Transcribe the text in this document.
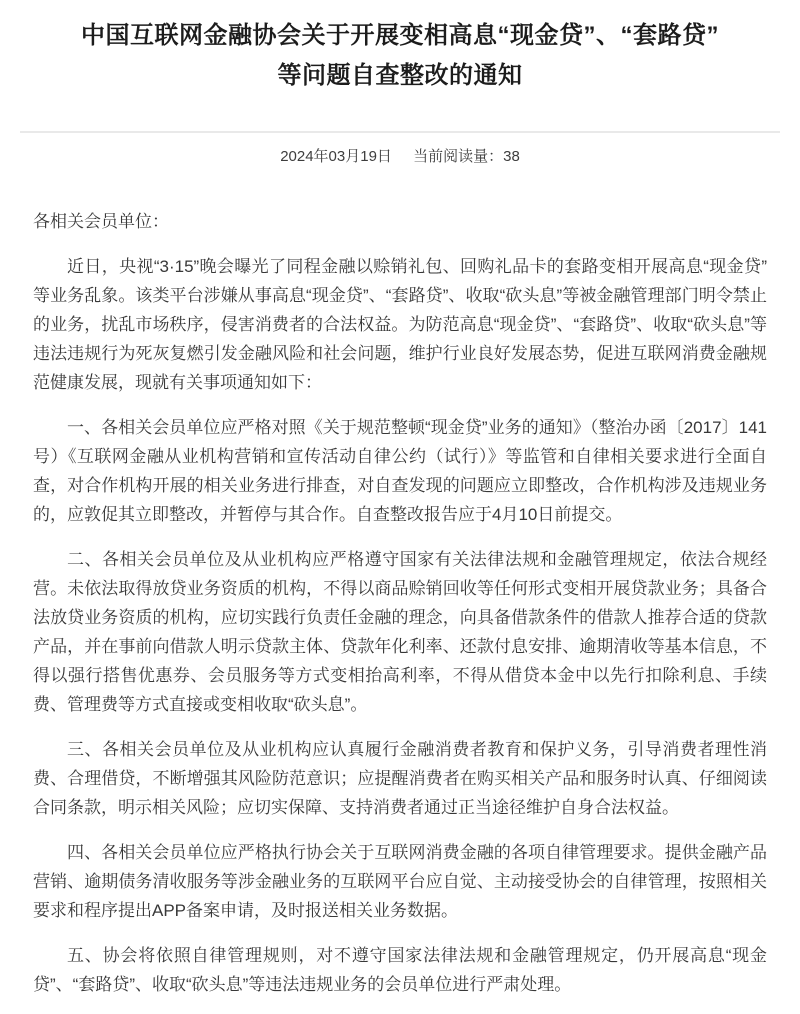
中国互联网金融协会关于开展变相高息“现金贷”、“套路贷”
等问题自查整改的通知
2024年03月19日 当前阅读量：38

各相关会员单位：

近日，央视“3·15”晚会曝光了同程金融以赊销礼包、回购礼品卡的套路变相开展高息“现金贷”等业务乱象。该类平台涉嫌从事高息“现金贷”、“套路贷”、收取“砍头息”等被金融管理部门明令禁止的业务，扰乱市场秩序，侵害消费者的合法权益。为防范高息“现金贷”、“套路贷”、收取“砍头息”等违法违规行为死灰复燃引发金融风险和社会问题，维护行业良好发展态势，促进互联网消费金融规范健康发展，现就有关事项通知如下：

一、各相关会员单位应严格对照《关于规范整顿“现金贷”业务的通知》（整治办函〔2017〕141号）《互联网金融从业机构营销和宣传活动自律公约（试行）》等监管和自律相关要求进行全面自查，对合作机构开展的相关业务进行排查，对自查发现的问题应立即整改，合作机构涉及违规业务的，应敦促其立即整改，并暂停与其合作。自查整改报告应于4月10日前提交。

二、各相关会员单位及从业机构应严格遵守国家有关法律法规和金融管理规定，依法合规经营。未依法取得放贷业务资质的机构，不得以商品赊销回收等任何形式变相开展贷款业务；具备合法放贷业务资质的机构，应切实践行负责任金融的理念，向具备借款条件的借款人推荐合适的贷款产品，并在事前向借款人明示贷款主体、贷款年化利率、还款付息安排、逾期清收等基本信息，不得以强行搭售优惠券、会员服务等方式变相抬高利率，不得从借贷本金中以先行扣除利息、手续费、管理费等方式直接或变相收取“砍头息”。

三、各相关会员单位及从业机构应认真履行金融消费者教育和保护义务，引导消费者理性消费、合理借贷，不断增强其风险防范意识；应提醒消费者在购买相关产品和服务时认真、仔细阅读合同条款，明示相关风险；应切实保障、支持消费者通过正当途径维护自身合法权益。

四、各相关会员单位应严格执行协会关于互联网消费金融的各项自律管理要求。提供金融产品营销、逾期债务清收服务等涉金融业务的互联网平台应自觉、主动接受协会的自律管理，按照相关要求和程序提出APP备案申请，及时报送相关业务数据。

五、协会将依照自律管理规则，对不遵守国家法律法规和金融管理规定，仍开展高息“现金贷”、“套路贷”、收取“砍头息”等违法违规业务的会员单位进行严肃处理。
